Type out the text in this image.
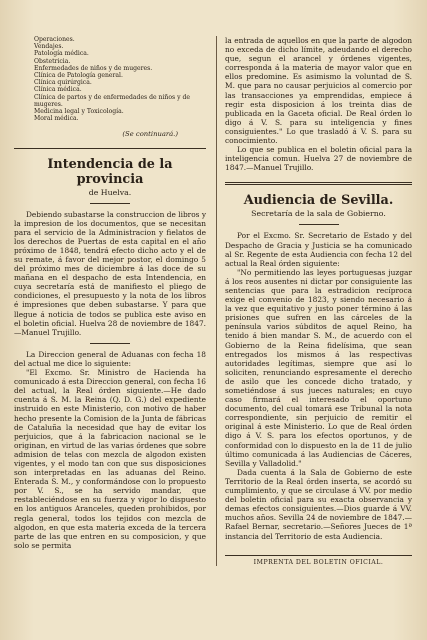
Operaciones.
Vendajes.
Patología médica.
Obstetricia.
Enfermedades de niños y de mugeres.
Clínica de Patología general.
Clínica quirúrgica.
Clínica médica.
Clínica de partos y de enfermedades de niños y de
mugeres.
Medicina legal y Toxicología.
Moral médica.

(Se continuará.)

Intendencia de la provincia
de Huelva.

Debiendo subastarse la construccion de libros y la impresion de los documentos, que se necesitan para el servicio de la Administracion y fielatos de los derechos de Puertas de esta capital en el año próximo de 1848, tendrá efecto dicho acto y el de su remate, á favor del mejor postor, el domingo 5 del próximo mes de diciembre á las doce de su mañana en el despacho de esta Intendencia, en cuya secretaría está de manifiesto el pliego de condiciones, el presupuesto y la nota de los libros é impresiones que deben subastarse. Y para que llegue á noticia de todos se publica este aviso en el boletin oficial. Huelva 28 de noviembre de 1847.—Manuel Trujillo.

La Direccion general de Aduanas con fecha 18 del actual me dice lo siguiente:

"El Excmo. Sr. Ministro de Hacienda ha comunicado á esta Direccion general, con fecha 16 del actual, la Real órden siguiente.—He dado cuenta á S. M. la Reina (Q. D. G.) del expediente instruido en este Ministerio, con motivo de haber hecho presente la Comision de la Junta de fábricas de Cataluña la necesidad que hay de evitar los perjuicios, que á la fabricacion nacional se le originan, en virtud de las varias órdenes que sobre admision de telas con mezcla de algodon existen vigentes, y el modo tan con que sus disposiciones son interpretadas en las aduanas del Reino. Enterada S. M., y conformándose con lo propuesto por V. S., se ha servido mandar, que restableciéndose en su fuerza y vigor lo dispuesto en los antiguos Aranceles, queden prohibidos, por regla general, todos los tejidos con mezcla de algodon, en que esta materia exceda de la tercera parte de las que entren en su composicion, y que solo se permita

la entrada de aquellos en que la parte de algodon no exceda de dicho límite, adeudando el derecho que, segun el arancel y órdenes vigentes, corresponda á la materia de mayor valor que en ellos predomine. Es asimismo la voluntad de S. M. que para no causar perjuicios al comercio por las transacciones ya emprendidas, empiece á regir esta disposicion á los treinta dias de publicada en la Gaceta oficial. De Real órden lo digo á V. S. para su inteligencia y fines consiguientes." Lo que trasladó á V. S. para su conocimiento.

Lo que se publica en el boletin oficial para la inteligencia comun. Huelva 27 de noviembre de 1847.—Manuel Trujillo.

Audiencia de Sevilla.
Secretaría de la sala de Gobierno.

Por el Excmo. Sr. Secretario de Estado y del Despacho de Gracia y Justicia se ha comunicado al Sr. Regente de esta Audiencia con fecha 12 del actual la Real órden siguiente:

"No permitiendo las leyes portuguesas juzgar á los reos ausentes ni dictar por consiguiente las sentencias que para la estradicion recíproca exige el convenio de 1823, y siendo necesario á la vez que equitativo y justo poner término á las prisiones que sufren en las cárceles de la península varios súbditos de aquel Reino, ha tenido á bien mandar S. M., de acuerdo con el Gobierno de la Reina fidelísima, que sean entregados los mismos á las respectivas autoridades legítimas, siempre que así lo soliciten, renunciando espresamente el derecho de asilo que les concede dicho tratado, y sometiéndose á sus jueces naturales; en cuyo caso firmará el interesado el oportuno documento, del cual tomará ese Tribunal la nota correspondiente, sin perjuicio de remitir el original á este Ministerio. Lo que de Real órden digo á V. S. para los efectos oportunos, y de conformidad con lo dispuesto en la de 11 de julio último comunicada á las Audiencias de Cáceres, Sevilla y Valladolid."

Dada cuenta á la Sala de Gobierno de este Territorio de la Real órden inserta, se acordó su cumplimiento, y que se circulase á VV. por medio del boletin oficial para su exacta observancia y demas efectos consiguientes.—Dios guarde á VV. muchos años. Sevilla 24 de noviembre de 1847.—Rafael Bernar, secretario.—Señores Jueces de 1ª instancia del Territorio de esta Audiencia.

IMPRENTA DEL BOLETIN OFICIAL.
